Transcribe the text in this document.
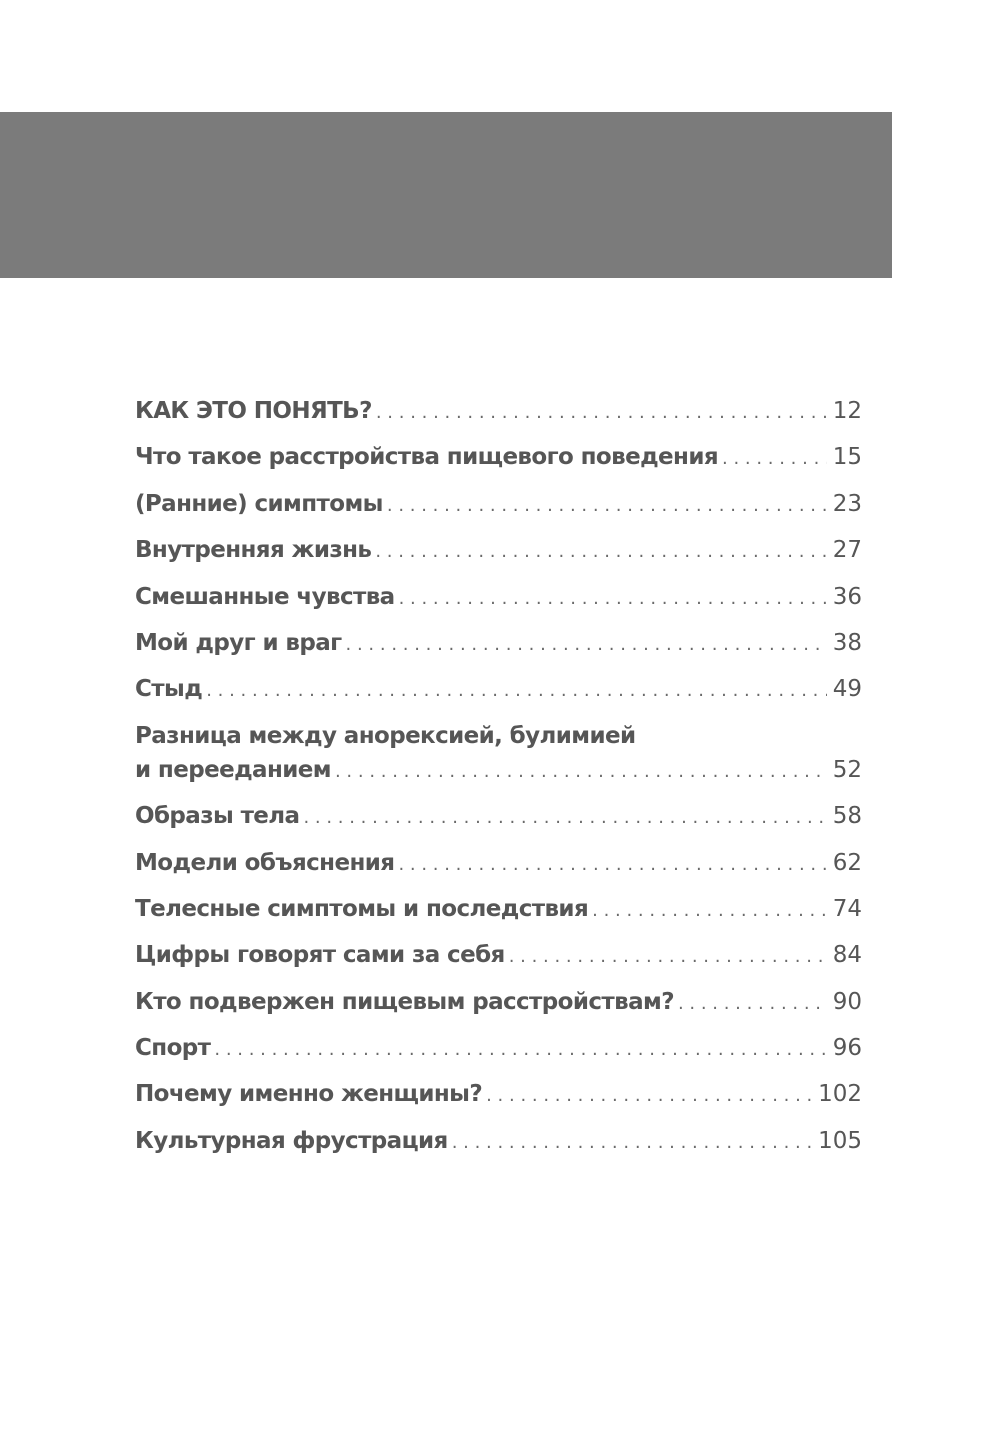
КАК ЭТО ПОНЯТЬ? . . .	12
Что такое расстройства пищевого поведения . . .	15
(Ранние) симптомы . . .	23
Внутренняя жизнь . . .	27
Смешанные чувства . . .	36
Мой друг и враг . . .	38
Стыд . . .	49
Разница между анорексией, булимией
и перееданием . . .	52
Образы тела . . .	58
Модели объяснения . . .	62
Телесные симптомы и последствия . . .	74
Цифры говорят сами за себя . . .	84
Кто подвержен пищевым расстройствам? . . .	90
Спорт . . .	96
Почему именно женщины? . . .	102
Культурная фрустрация . . .	105
